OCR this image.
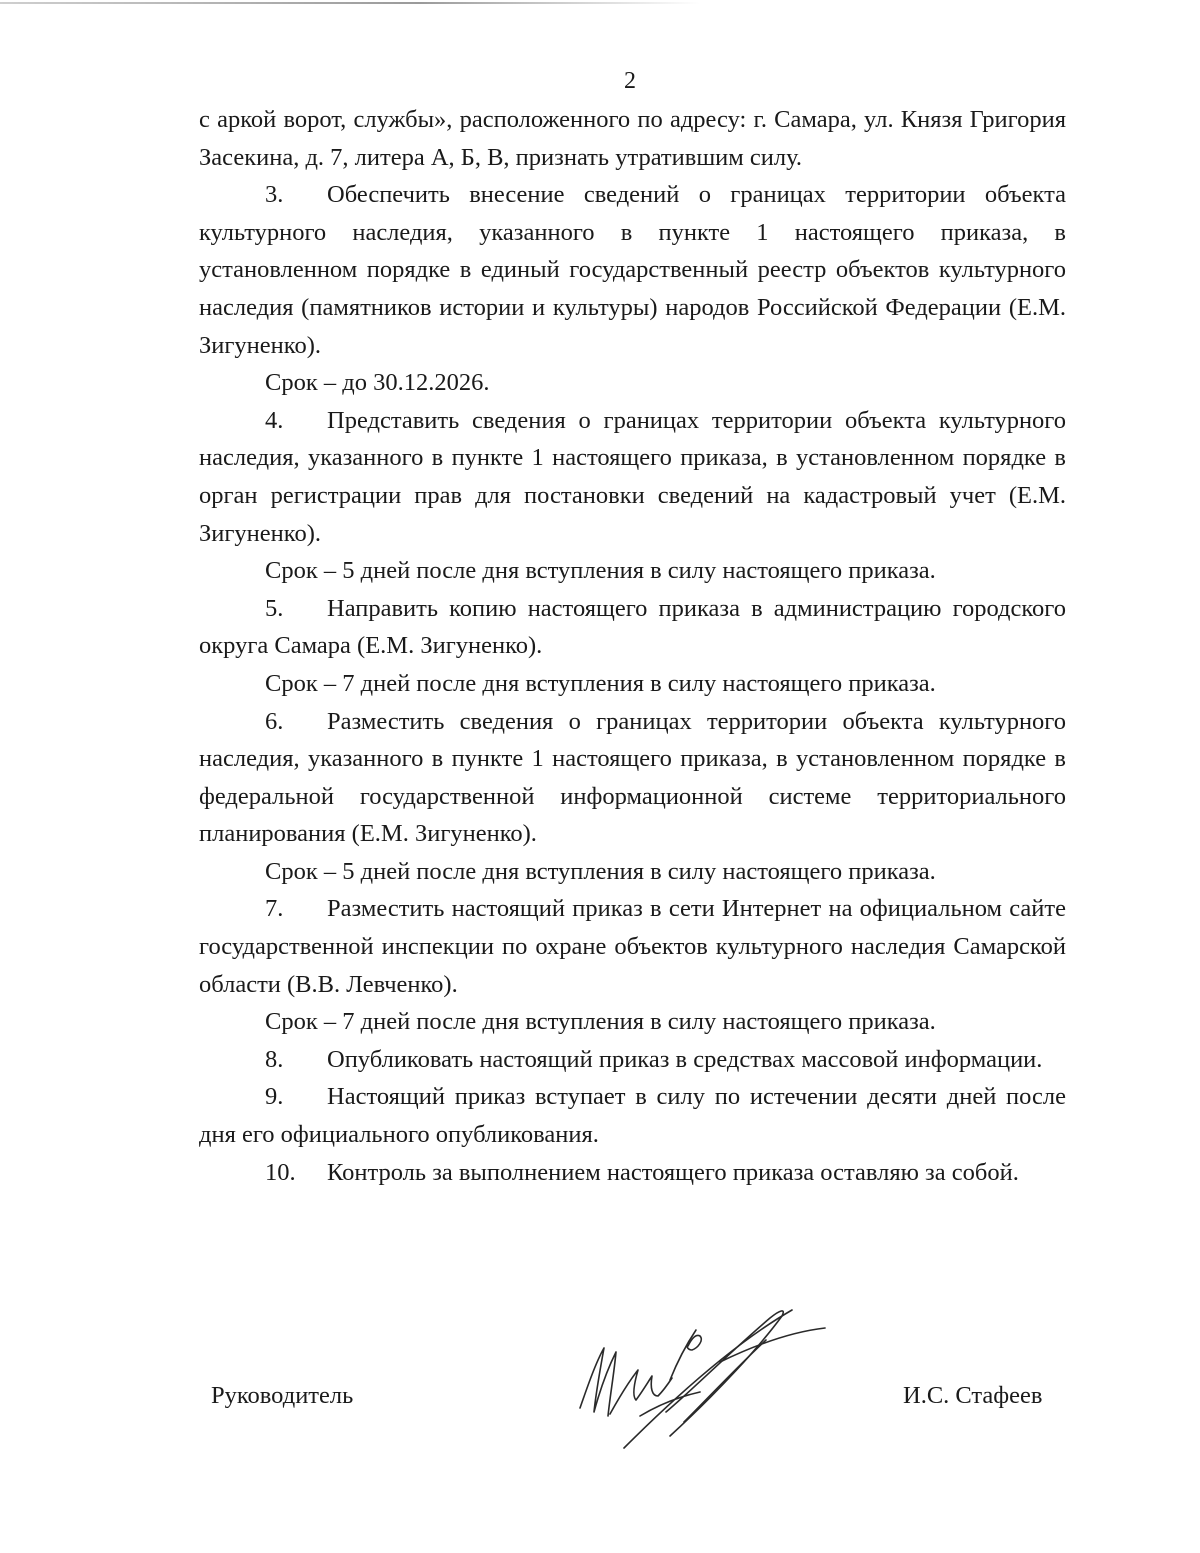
2

с аркой ворот, службы», расположенного по адресу: г. Самара, ул. Князя Григория Засекина, д. 7, литера А, Б, В, признать утратившим силу.

3. Обеспечить внесение сведений о границах территории объекта культурного наследия, указанного в пункте 1 настоящего приказа, в установленном порядке в единый государственный реестр объектов культурного наследия (памятников истории и культуры) народов Российской Федерации (Е.М. Зигуненко).

Срок – до 30.12.2026.

4. Представить сведения о границах территории объекта культурного наследия, указанного в пункте 1 настоящего приказа, в установленном порядке в орган регистрации прав для постановки сведений на кадастровый учет (Е.М. Зигуненко).

Срок – 5 дней после дня вступления в силу настоящего приказа.

5. Направить копию настоящего приказа в администрацию городского округа Самара (Е.М. Зигуненко).

Срок – 7 дней после дня вступления в силу настоящего приказа.

6. Разместить сведения о границах территории объекта культурного наследия, указанного в пункте 1 настоящего приказа, в установленном порядке в федеральной государственной информационной системе территориального планирования (Е.М. Зигуненко).

Срок – 5 дней после дня вступления в силу настоящего приказа.

7. Разместить настоящий приказ в сети Интернет на официальном сайте государственной инспекции по охране объектов культурного наследия Самарской области (В.В. Левченко).

Срок – 7 дней после дня вступления в силу настоящего приказа.

8. Опубликовать настоящий приказ в средствах массовой информации.

9. Настоящий приказ вступает в силу по истечении десяти дней после дня его официального опубликования.

10. Контроль за выполнением настоящего приказа оставляю за собой.

Руководитель	И.С. Стафеев
